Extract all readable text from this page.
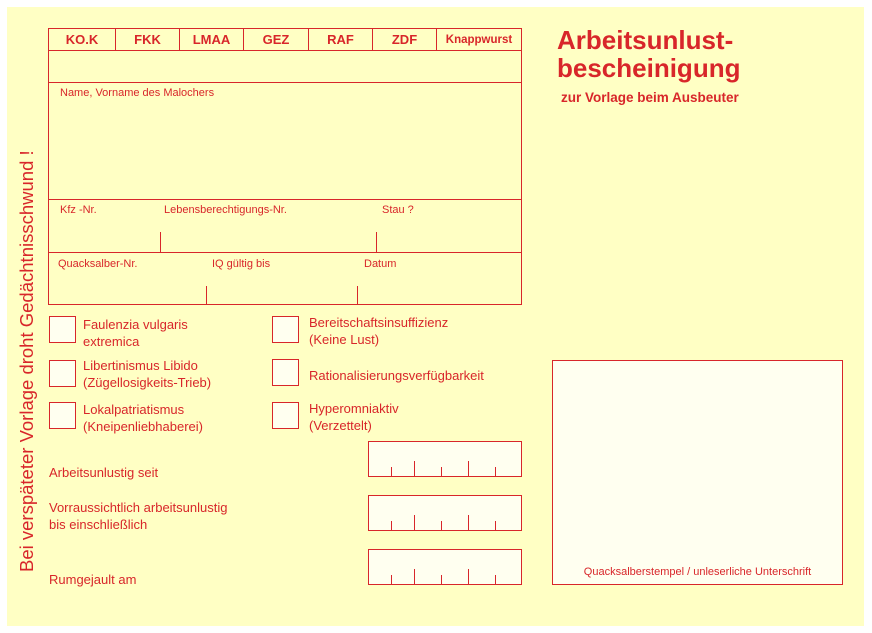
Bei verspäteter Vorlage droht Gedächtnisschwund !
KO.K	FKK	LMAA	GEZ	RAF	ZDF	Knappwurst
Name, Vorname des Malochers
Kfz -Nr.	Lebensberechtigungs-Nr.	Stau ?
Quacksalber-Nr.	IQ gültig bis	Datum
Arbeitsunlust-
bescheinigung
zur Vorlage beim Ausbeuter
Faulenzia vulgaris
extremica
Libertinismus Libido
(Zügellosigkeits-Trieb)
Lokalpatriatismus
(Kneipenliebhaberei)
Bereitschaftsinsuffizienz
(Keine Lust)
Rationalisierungsverfügbarkeit
Hyperomniaktiv
(Verzettelt)
Arbeitsunlustig seit
Vorraussichtlich arbeitsunlustig
bis einschließlich
Rumgejault am	Quacksalberstempel / unleserliche Unterschrift
